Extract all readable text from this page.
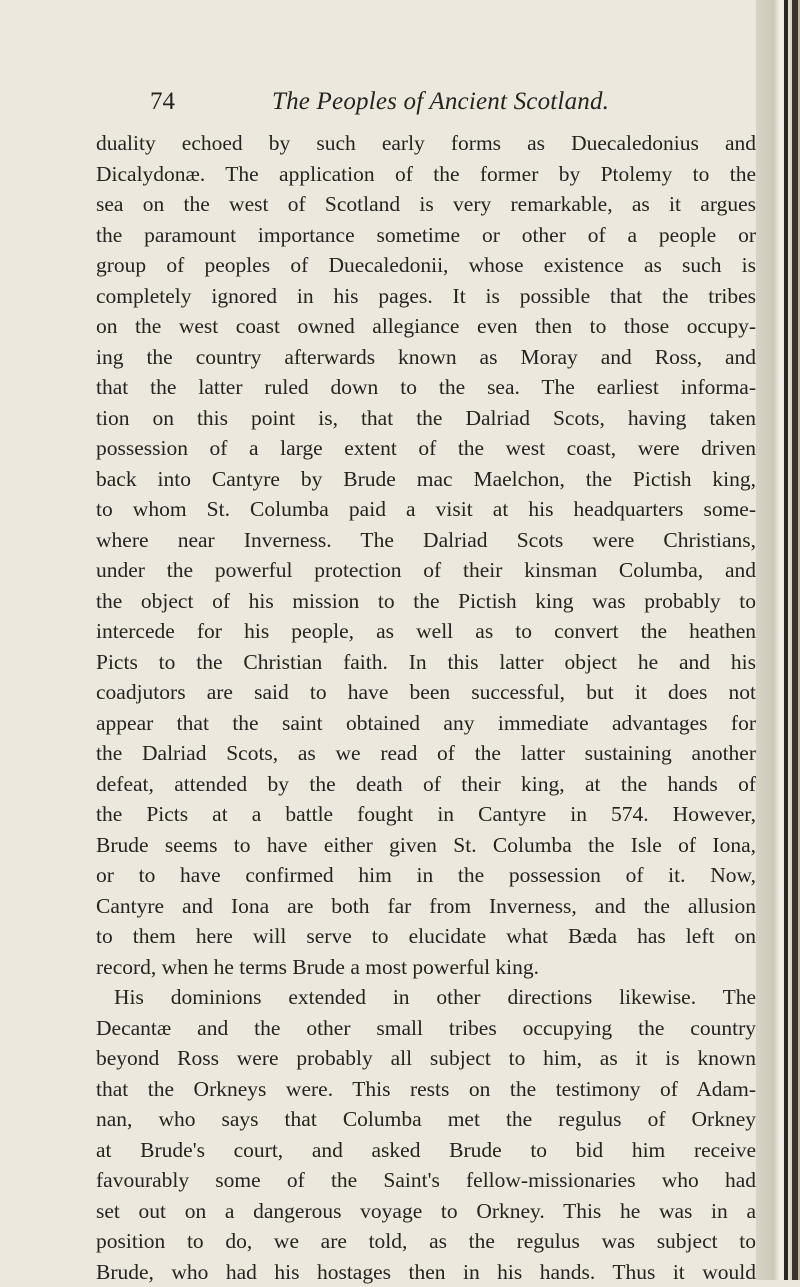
74	The Peoples of Ancient Scotland.
duality echoed by such early forms as Duecaledonius and
Dicalydonæ. The application of the former by Ptolemy to the
sea on the west of Scotland is very remarkable, as it argues
the paramount importance sometime or other of a people or
group of peoples of Duecaledonii, whose existence as such is
completely ignored in his pages. It is possible that the tribes
on the west coast owned allegiance even then to those occupy-
ing the country afterwards known as Moray and Ross, and
that the latter ruled down to the sea. The earliest informa-
tion on this point is, that the Dalriad Scots, having taken
possession of a large extent of the west coast, were driven
back into Cantyre by Brude mac Maelchon, the Pictish king,
to whom St. Columba paid a visit at his headquarters some-
where near Inverness. The Dalriad Scots were Christians,
under the powerful protection of their kinsman Columba, and
the object of his mission to the Pictish king was probably to
intercede for his people, as well as to convert the heathen
Picts to the Christian faith. In this latter object he and his
coadjutors are said to have been successful, but it does not
appear that the saint obtained any immediate advantages for
the Dalriad Scots, as we read of the latter sustaining another
defeat, attended by the death of their king, at the hands of
the Picts at a battle fought in Cantyre in 574. However,
Brude seems to have either given St. Columba the Isle of Iona,
or to have confirmed him in the possession of it. Now,
Cantyre and Iona are both far from Inverness, and the allusion
to them here will serve to elucidate what Bæda has left on
record, when he terms Brude a most powerful king.
His dominions extended in other directions likewise. The
Decantæ and the other small tribes occupying the country
beyond Ross were probably all subject to him, as it is known
that the Orkneys were. This rests on the testimony of Adam-
nan, who says that Columba met the regulus of Orkney
at Brude's court, and asked Brude to bid him receive
favourably some of the Saint's fellow-missionaries who had
set out on a dangerous voyage to Orkney. This he was in a
position to do, we are told, as the regulus was subject to
Brude, who had his hostages then in his hands. Thus it would
